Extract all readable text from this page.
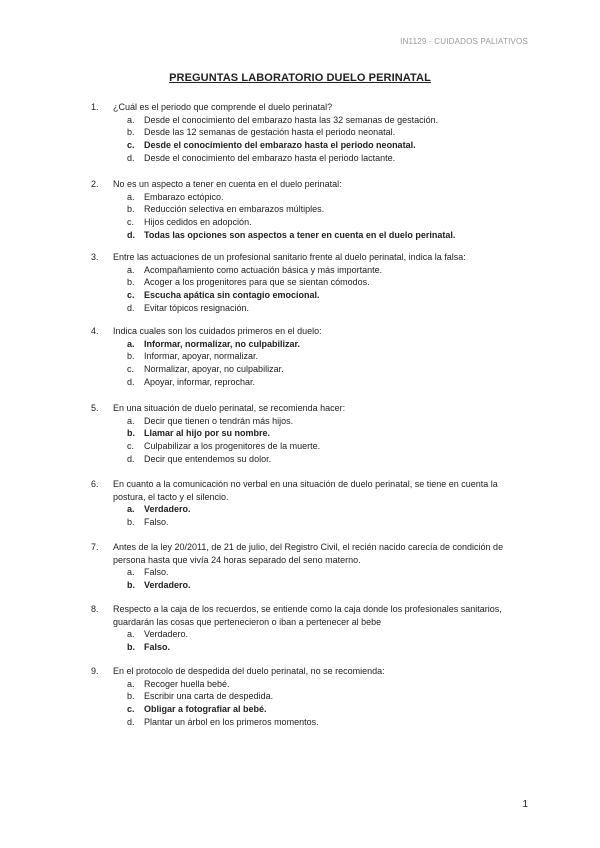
IN1129 - CUIDADOS PALIATIVOS
PREGUNTAS LABORATORIO DUELO PERINATAL
1. ¿Cuál es el periodo que comprende el duelo perinatal?
a. Desde el conocimiento del embarazo hasta las 32 semanas de gestación.
b. Desde las 12 semanas de gestación hasta el periodo neonatal.
c. Desde el conocimiento del embarazo hasta el periodo neonatal.
d. Desde el conocimiento del embarazo hasta el periodo lactante.
2. No es un aspecto a tener en cuenta en el duelo perinatal:
a. Embarazo ectópico.
b. Reducción selectiva en embarazos múltiples.
c. Hijos cedidos en adopción.
d. Todas las opciones son aspectos a tener en cuenta en el duelo perinatal.
3. Entre las actuaciones de un profesional sanitario frente al duelo perinatal, indica la falsa:
a. Acompañamiento como actuación básica y más importante.
b. Acoger a los progenitores para que se sientan cómodos.
c. Escucha apática sin contagio emocional.
d. Evitar tópicos resignación.
4. Indica cuales son los cuidados primeros en el duelo:
a. Informar, normalizar, no culpabilizar.
b. Informar, apoyar, normalizar.
c. Normalizar, apoyar, no culpabilizar.
d. Apoyar, informar, reprochar.
5. En una situación de duelo perinatal, se recomienda hacer:
a. Decir que tienen o tendrán más hijos.
b. Llamar al hijo por su nombre.
c. Culpabilizar a los progenitores de la muerte.
d. Decir que entendemos su dolor.
6. En cuanto a la comunicación no verbal en una situación de duelo perinatal, se tiene en cuenta la postura, el tacto y el silencio.
a. Verdadero.
b. Falso.
7. Antes de la ley 20/2011, de 21 de julio, del Registro Civil, el recién nacido carecía de condición de persona hasta que vivía 24 horas separado del seno materno.
a. Falso.
b. Verdadero.
8. Respecto a la caja de los recuerdos, se entiende como la caja donde los profesionales sanitarios, guardarán las cosas que pertenecieron o iban a pertenecer al bebe
a. Verdadero.
b. Falso.
9. En el protocolo de despedida del duelo perinatal, no se recomienda:
a. Recoger huella bebé.
b. Escribir una carta de despedida.
c. Obligar a fotografiar al bebé.
d. Plantar un árbol en los primeros momentos.
1
